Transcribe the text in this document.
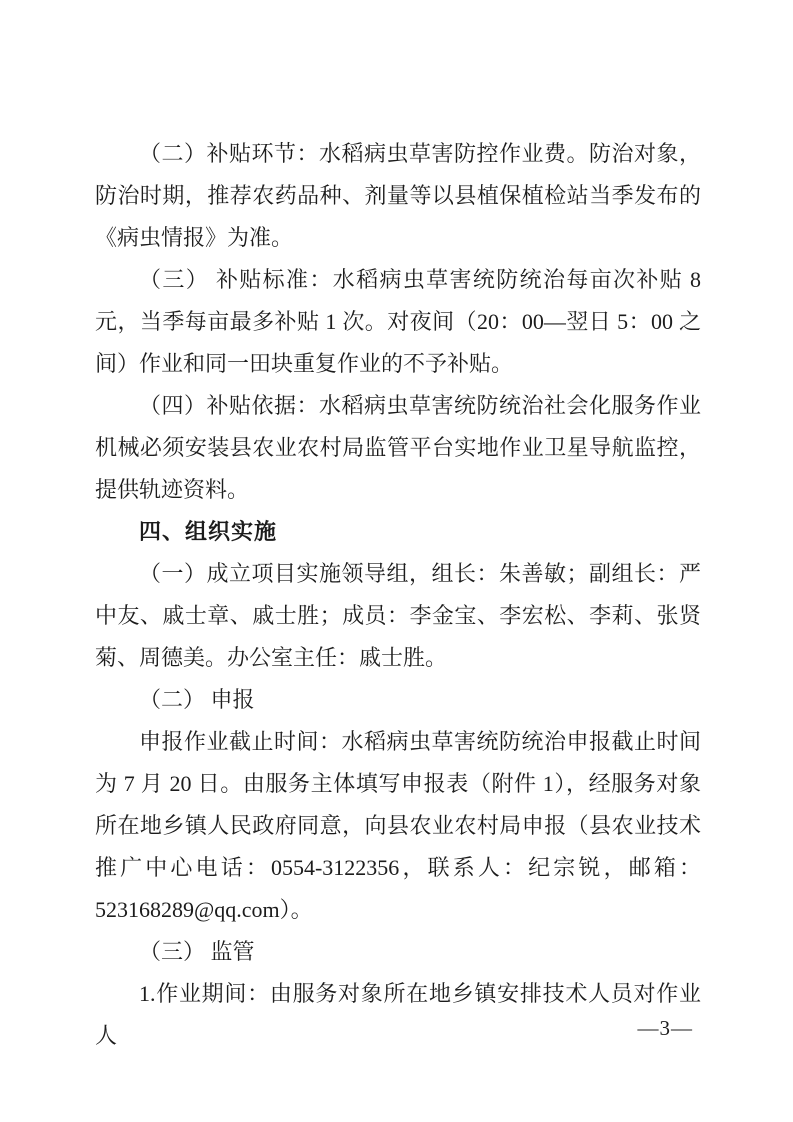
（二）补贴环节：水稻病虫草害防控作业费。防治对象，防治时期，推荐农药品种、剂量等以县植保植检站当季发布的《病虫情报》为准。

（三） 补贴标准：水稻病虫草害统防统治每亩次补贴 8 元，当季每亩最多补贴 1 次。对夜间（20：00—翌日 5：00 之间）作业和同一田块重复作业的不予补贴。

（四）补贴依据：水稻病虫草害统防统治社会化服务作业机械必须安装县农业农村局监管平台实地作业卫星导航监控，提供轨迹资料。

四、组织实施

（一）成立项目实施领导组，组长：朱善敏；副组长：严中友、戚士章、戚士胜；成员：李金宝、李宏松、李莉、张贤菊、周德美。办公室主任：戚士胜。

（二） 申报

申报作业截止时间：水稻病虫草害统防统治申报截止时间为 7 月 20 日。由服务主体填写申报表（附件 1），经服务对象所在地乡镇人民政府同意，向县农业农村局申报（县农业技术推广中心电话：0554-3122356，联系人：纪宗锐，邮箱：523168289@qq.com）。

（三） 监管

1.作业期间：由服务对象所在地乡镇安排技术人员对作业人	—3—
